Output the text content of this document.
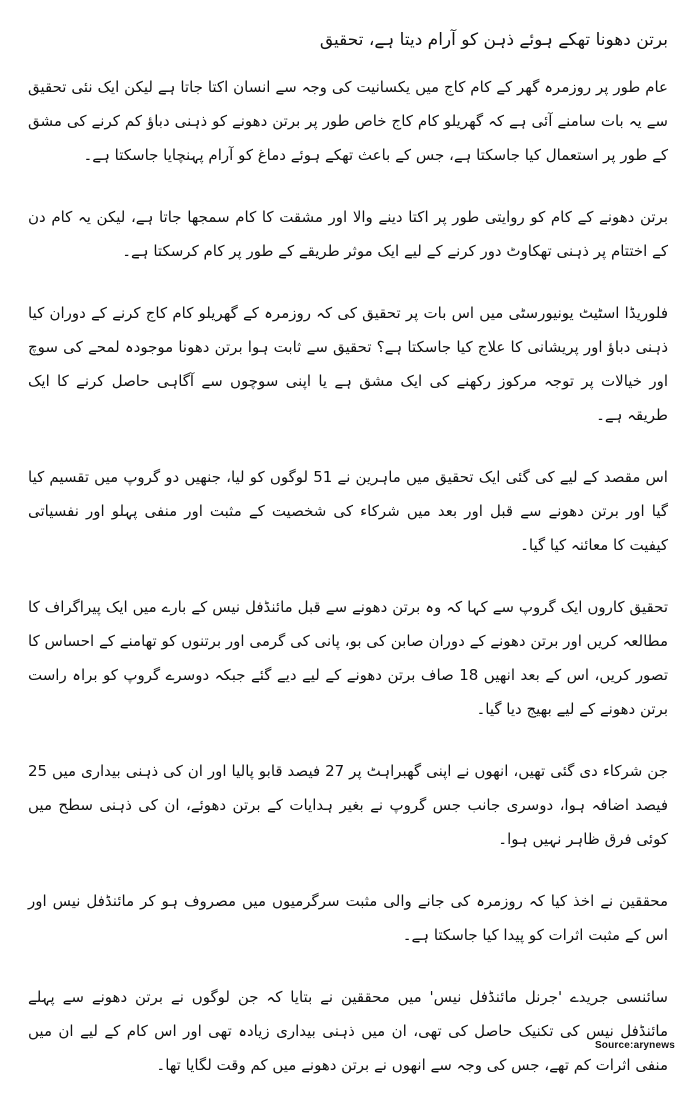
برتن دھونا تھکے ہوئے ذہن کو آرام دیتا ہے، تحقیق

عام طور پر روزمرہ گھر کے کام کاج میں یکسانیت کی وجہ سے انسان اکتا جاتا ہے لیکن ایک نئی تحقیق سے یہ بات سامنے آئی ہے کہ گھریلو کام کاج خاص طور پر برتن دھونے کو ذہنی دباؤ کم کرنے کی مشق کے طور پر استعمال کیا جاسکتا ہے، جس کے باعث تھکے ہوئے دماغ کو آرام پہنچایا جاسکتا ہے۔

برتن دھونے کے کام کو روایتی طور پر اکتا دینے والا اور مشقت کا کام سمجھا جاتا ہے، لیکن یہ کام دن کے اختتام پر ذہنی تھکاوٹ دور کرنے کے لیے ایک موثر طریقے کے طور پر کام کرسکتا ہے۔

فلوریڈا اسٹیٹ یونیورسٹی میں اس بات پر تحقیق کی کہ روزمرہ کے گھریلو کام کاج کرنے کے دوران کیا ذہنی دباؤ اور پریشانی کا علاج کیا جاسکتا ہے؟ تحقیق سے ثابت ہوا برتن دھونا موجودہ لمحے کی سوچ اور خیالات پر توجہ مرکوز رکھنے کی ایک مشق ہے یا اپنی سوچوں سے آگاہی حاصل کرنے کا ایک طریقہ ہے۔

اس مقصد کے لیے کی گئی ایک تحقیق میں ماہرین نے 51 لوگوں کو لیا، جنھیں دو گروپ میں تقسیم کیا گیا اور برتن دھونے سے قبل اور بعد میں شرکاء کی شخصیت کے مثبت اور منفی پہلو اور نفسیاتی کیفیت کا معائنہ کیا گیا۔

تحقیق کاروں ایک گروپ سے کہا کہ وہ برتن دھونے سے قبل مائنڈفل نیس کے بارے میں ایک پیراگراف کا مطالعہ کریں اور برتن دھونے کے دوران صابن کی بو، پانی کی گرمی اور برتنوں کو تھامنے کے احساس کا تصور کریں، اس کے بعد انھیں 18 صاف برتن دھونے کے لیے دیے گئے جبکہ دوسرے گروپ کو براہ راست برتن دھونے کے لیے بھیج دیا گیا۔

جن شرکاء دی گئی تھیں، انھوں نے اپنی گھبراہٹ پر 27 فیصد قابو پالیا اور ان کی ذہنی بیداری میں 25 فیصد اضافہ ہوا، دوسری جانب جس گروپ نے بغیر ہدایات کے برتن دھوئے، ان کی ذہنی سطح میں کوئی فرق ظاہر نہیں ہوا۔

محققین نے اخذ کیا کہ روزمرہ کی جانے والی مثبت سرگرمیوں میں مصروف ہو کر مائنڈفل نیس اور اس کے مثبت اثرات کو پیدا کیا جاسکتا ہے۔

سائنسی جریدے 'جرنل مائنڈفل نیس' میں محققین نے بتایا کہ جن لوگوں نے برتن دھونے سے پہلے مائنڈفل نیس کی تکنیک حاصل کی تھی، ان میں ذہنی بیداری زیادہ تھی اور اس کام کے لیے ان میں منفی اثرات کم تھے، جس کی وجہ سے انھوں نے برتن دھونے میں کم وقت لگایا تھا۔

Source:arynews
